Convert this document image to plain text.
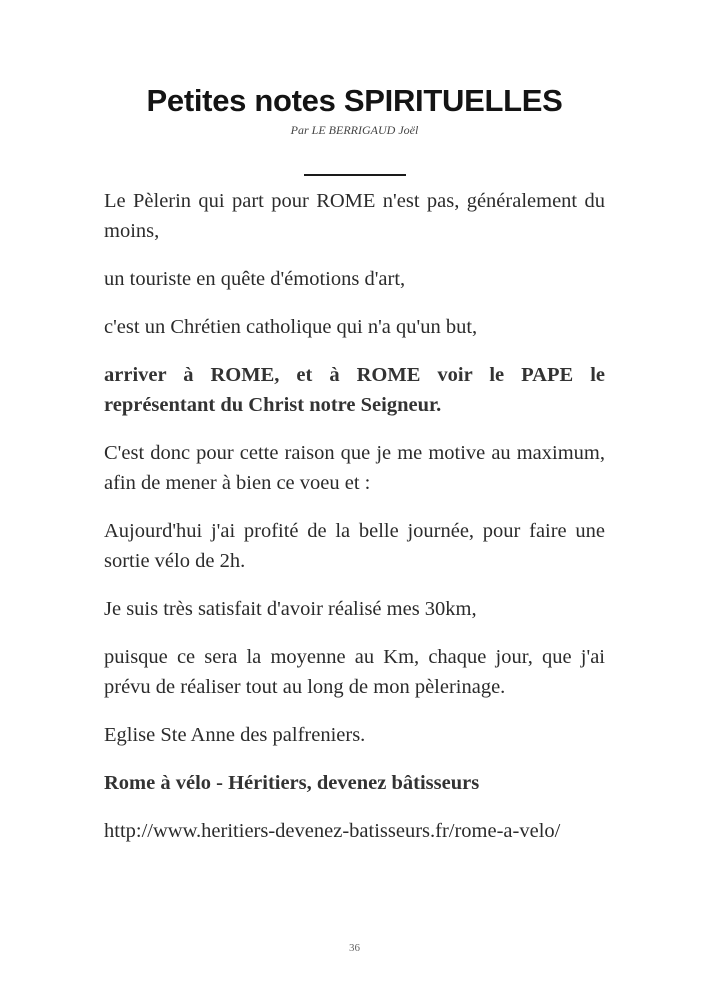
Petites notes SPIRITUELLES
Par LE BERRIGAUD Joël

Le Pèlerin qui part pour ROME n'est pas, généralement du moins,

un touriste en quête d'émotions d'art,

c'est un Chrétien catholique qui n'a qu'un but,

arriver à ROME, et à ROME voir le PAPE le représentant du Christ notre Seigneur.

C'est donc pour cette raison que je me motive au maximum, afin de mener à bien ce voeu et :

Aujourd'hui j'ai profité de la belle journée, pour faire une sortie vélo de 2h.

Je suis très satisfait d'avoir réalisé mes 30km,

puisque ce sera la moyenne au Km, chaque jour, que j'ai prévu de réaliser tout au long de mon pèlerinage.

Eglise Ste Anne des palfreniers.

Rome à vélo - Héritiers, devenez bâtisseurs

http://www.heritiers-devenez-batisseurs.fr/rome-a-velo/

36
